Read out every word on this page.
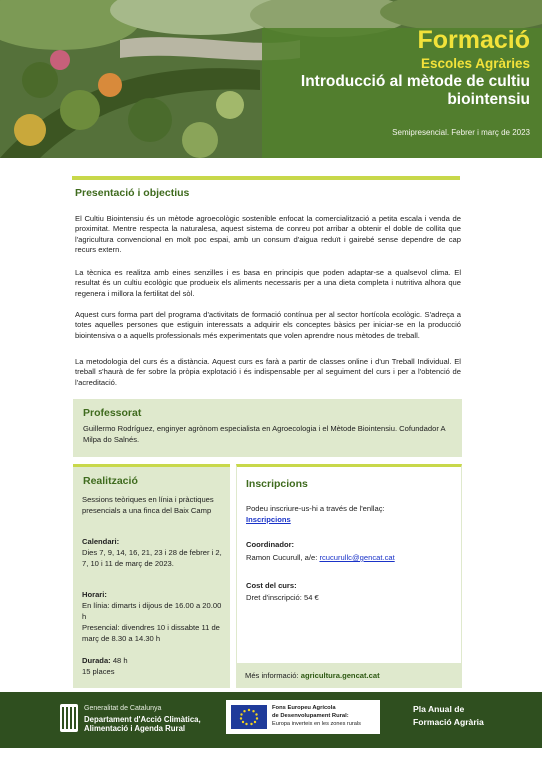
Formació
Escoles Agràries
Introducció al mètode de cultiu biointensiu
Semipresencial. Febrer i març de 2023
Presentació i objectius
El Cultiu Biointensiu és un mètode agroecològic sostenible enfocat la comercialització a petita escala i venda de proximitat. Mentre respecta la naturalesa, aquest sistema de conreu pot arribar a obtenir el doble de collita que l'agricultura convencional en molt poc espai, amb un consum d'aigua reduït i gairebé sense dependre de cap recurs extern.
La tècnica es realitza amb eines senzilles i es basa en principis que poden adaptar-se a qualsevol clima. El resultat és un cultiu ecològic que produeix els aliments necessaris per a una dieta completa i nutritiva alhora que regenera i millora la fertilitat del sòl.
Aquest curs forma part del programa d'activitats de formació contínua per al sector hortícola ecològic. S'adreça a totes aquelles persones que estiguin interessats a adquirir els conceptes bàsics per iniciar-se en la producció biointensiva o a aquells professionals més experimentats que volen aprendre nous mètodes de treball.
La metodologia del curs és a distància. Aquest curs es farà a partir de classes online i d'un Treball Individual. El treball s'haurà de fer sobre la pròpia explotació i és indispensable per al seguiment del curs i per a l'obtenció de l'acreditació.
Professorat
Guillermo Rodríguez, enginyer agrònom especialista en Agroecologia i el Mètode Biointensiu. Cofundador A Milpa do Salnés.
Realització
Sessions teòriques en línia i pràctiques presencials a una finca del Baix Camp
Calendari:
Dies 7, 9, 14, 16, 21, 23 i 28 de febrer i 2, 7, 10 i 11 de març de 2023.
Horari:
En línia: dimarts i dijous de 16.00 a 20.00 h
Presencial: divendres 10 i dissabte 11 de març de 8.30 a 14.30 h
Durada: 48 h
15 places
Inscripcions
Podeu inscriure-us-hi a través de l'enllaç:
Inscripcions
Coordinador:
Ramon Cucurull, a/e: rcucurullc@gencat.cat
Cost del curs:
Dret d'inscripció: 54 €
Més informació: agricultura.gencat.cat
Generalitat de Catalunya
Departament d'Acció Climàtica,
Alimentació i Agenda Rural
Fons Europeu Agrícola
de Desenvolupament Rural:
Europa inverteix en les zones rurals
Pla Anual de
Formació Agrària
